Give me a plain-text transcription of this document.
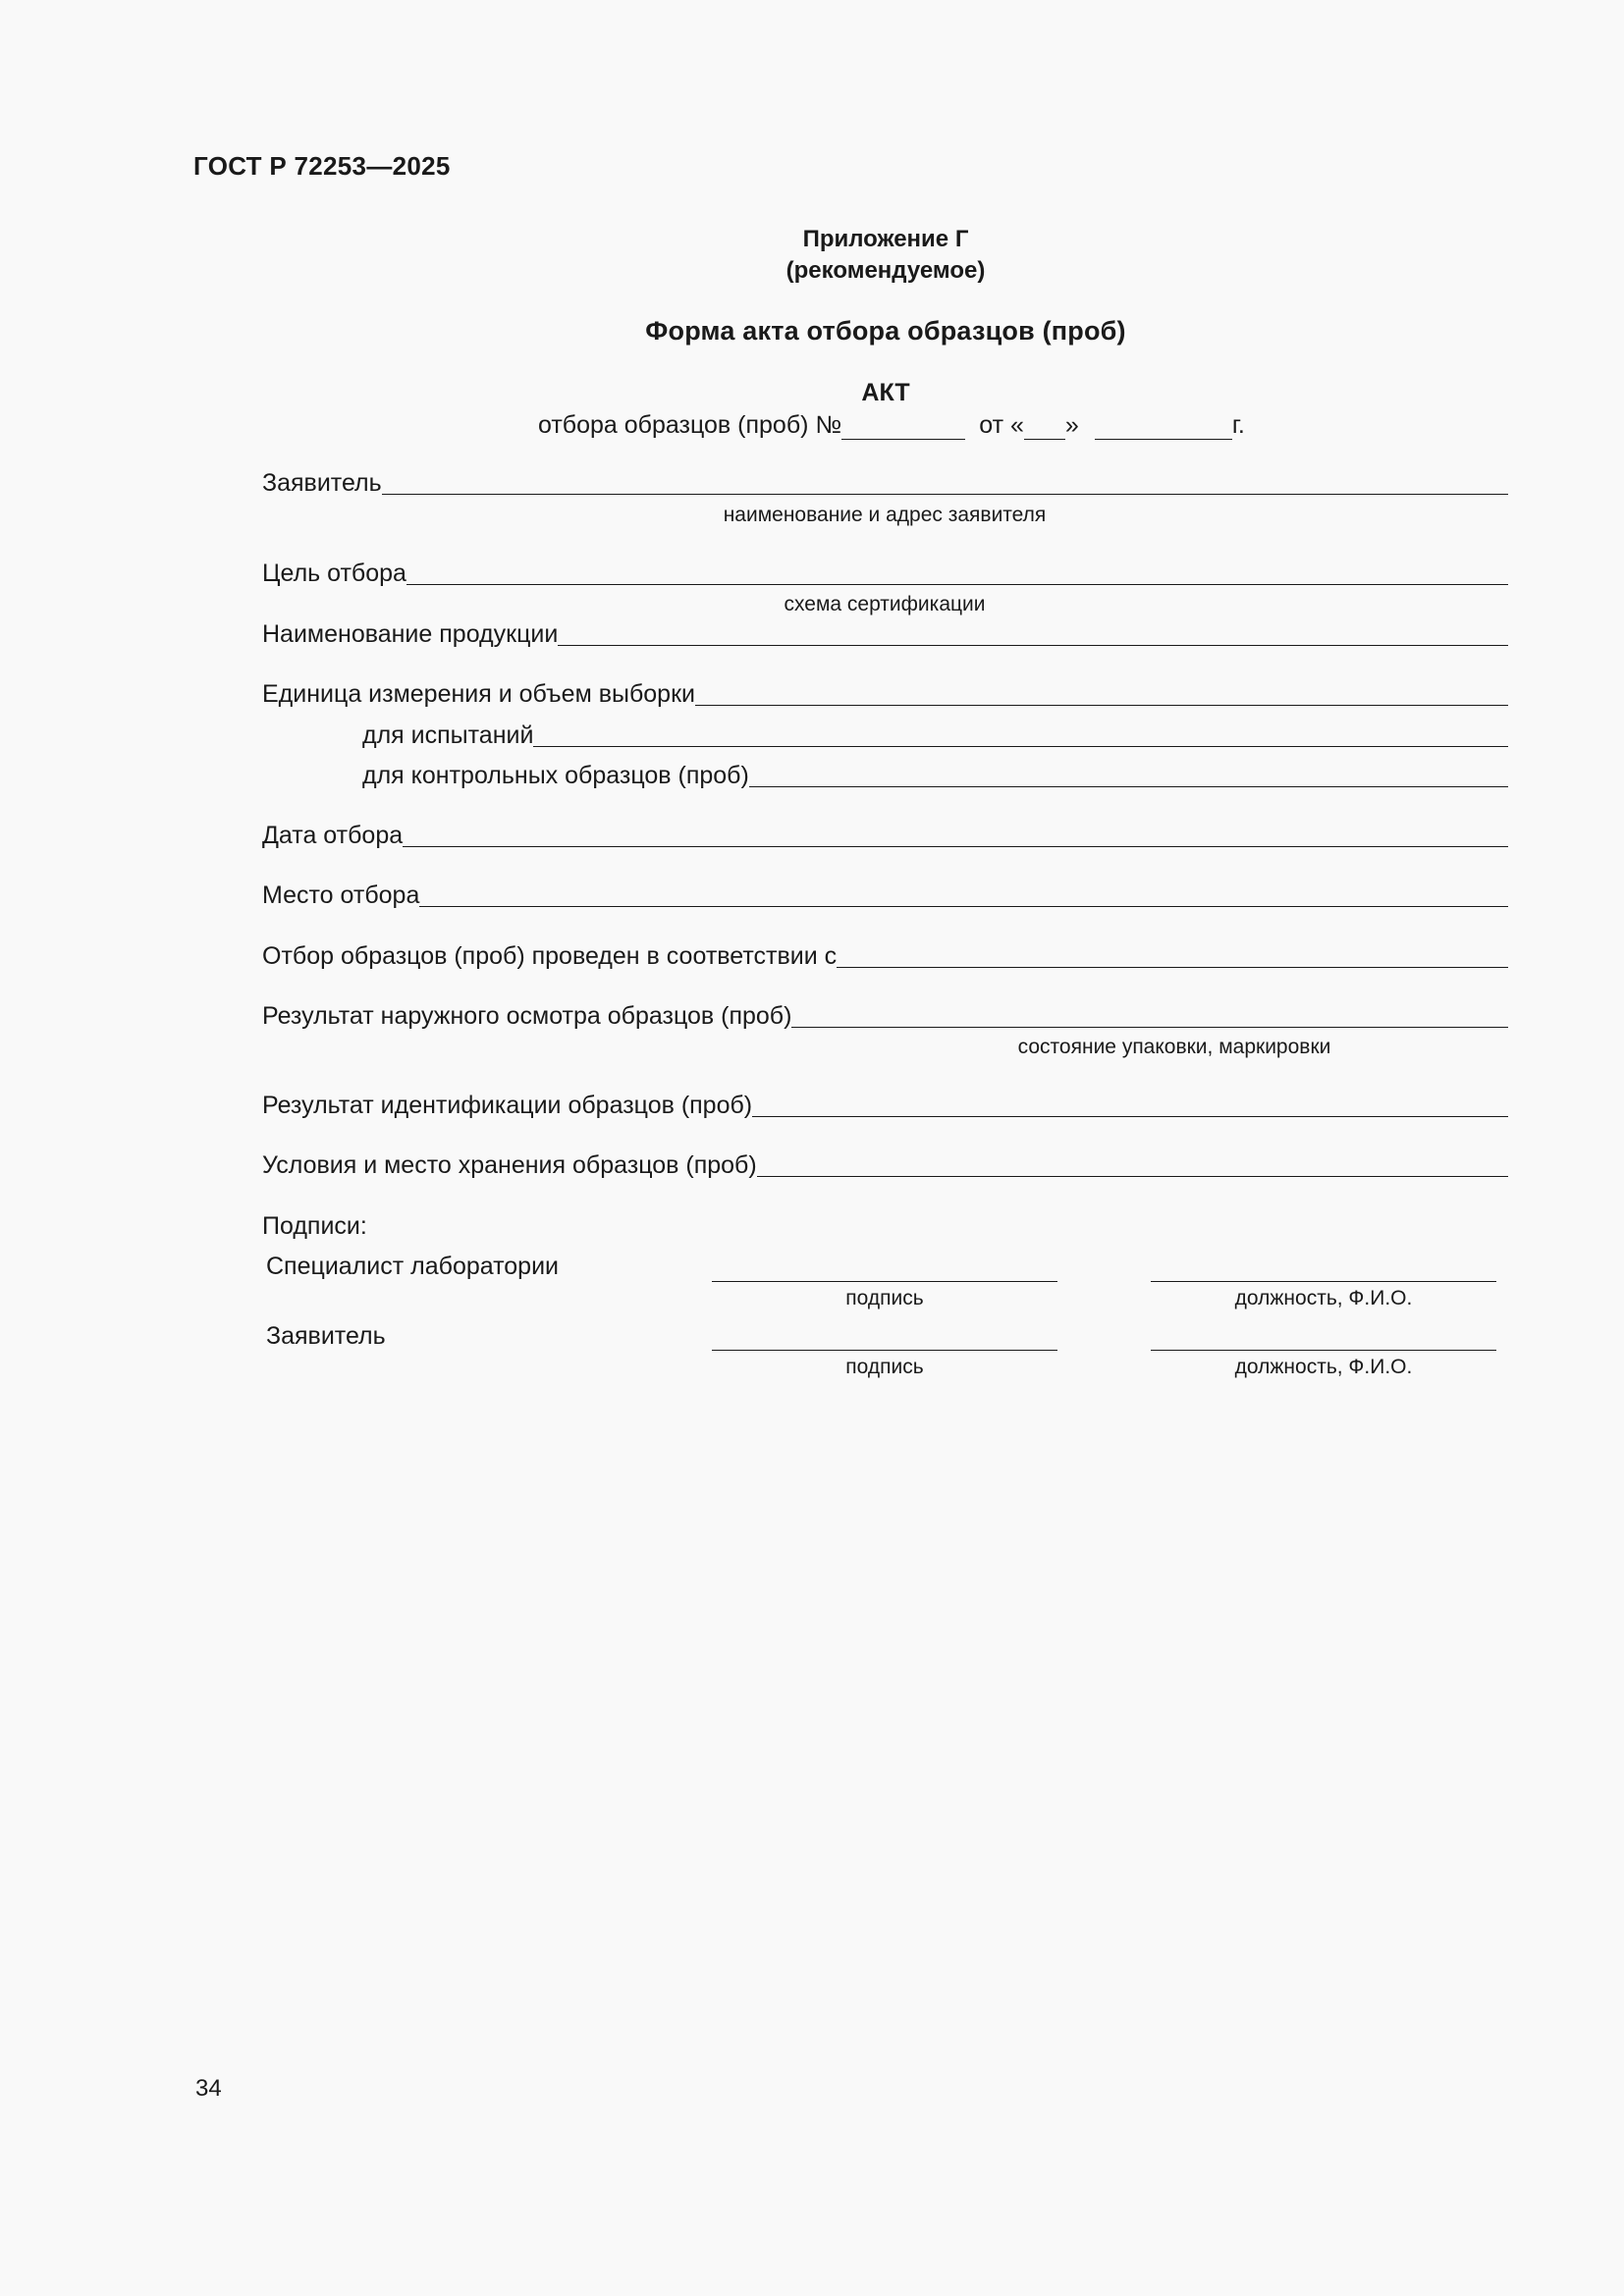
ГОСТ Р 72253—2025
Приложение Г
(рекомендуемое)
Форма акта отбора образцов (проб)
АКТ
отбора образцов (проб) №	от « »	г.
Заявитель
наименование и адрес заявителя
Цель отбора
схема сертификации
Наименование продукции
Единица измерения и объем выборки
для испытаний
для контрольных образцов (проб)
Дата отбора
Место отбора
Отбор образцов (проб) проведен в соответствии с
Результат наружного осмотра образцов (проб)
состояние упаковки, маркировки
Результат идентификации образцов (проб)
Условия и место хранения образцов (проб)
Подписи:
Специалист лаборатории
подпись	должность, Ф.И.О.
Заявитель
подпись	должность, Ф.И.О.
34
